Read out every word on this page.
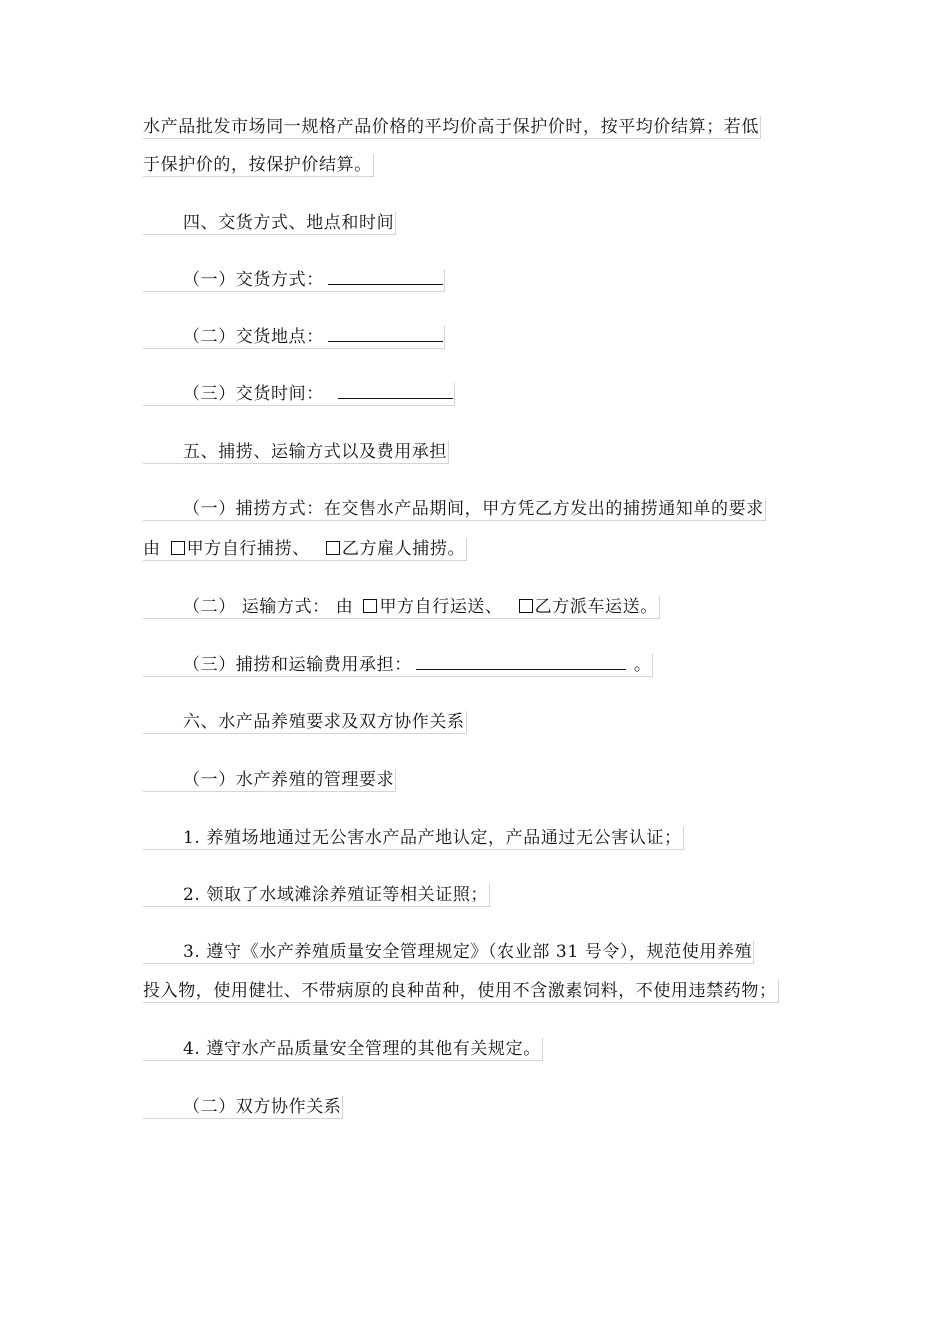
水产品批发市场同一规格产品价格的平均价高于保护价时，按平均价结算；若低
于保护价的，按保护价结算。
四、交货方式、地点和时间
（一）交货方式：
（二）交货地点：
（三）交货时间：
五、捕捞、运输方式以及费用承担
（一）捕捞方式：在交售水产品期间，甲方凭乙方发出的捕捞通知单的要求
由 甲方自行捕捞、 乙方雇人捕捞。
（二） 运输方式： 由 甲方自行运送、 乙方派车运送。
（三）捕捞和运输费用承担：	。
六、水产品养殖要求及双方协作关系
（一）水产养殖的管理要求
1. 养殖场地通过无公害水产品产地认定，产品通过无公害认证；
2. 领取了水域滩涂养殖证等相关证照；
3. 遵守《水产养殖质量安全管理规定》（农业部 31 号令），规范使用养殖
投入物，使用健壮、不带病原的良种苗种，使用不含激素饲料，不使用违禁药物；
4. 遵守水产品质量安全管理的其他有关规定。
（二）双方协作关系
